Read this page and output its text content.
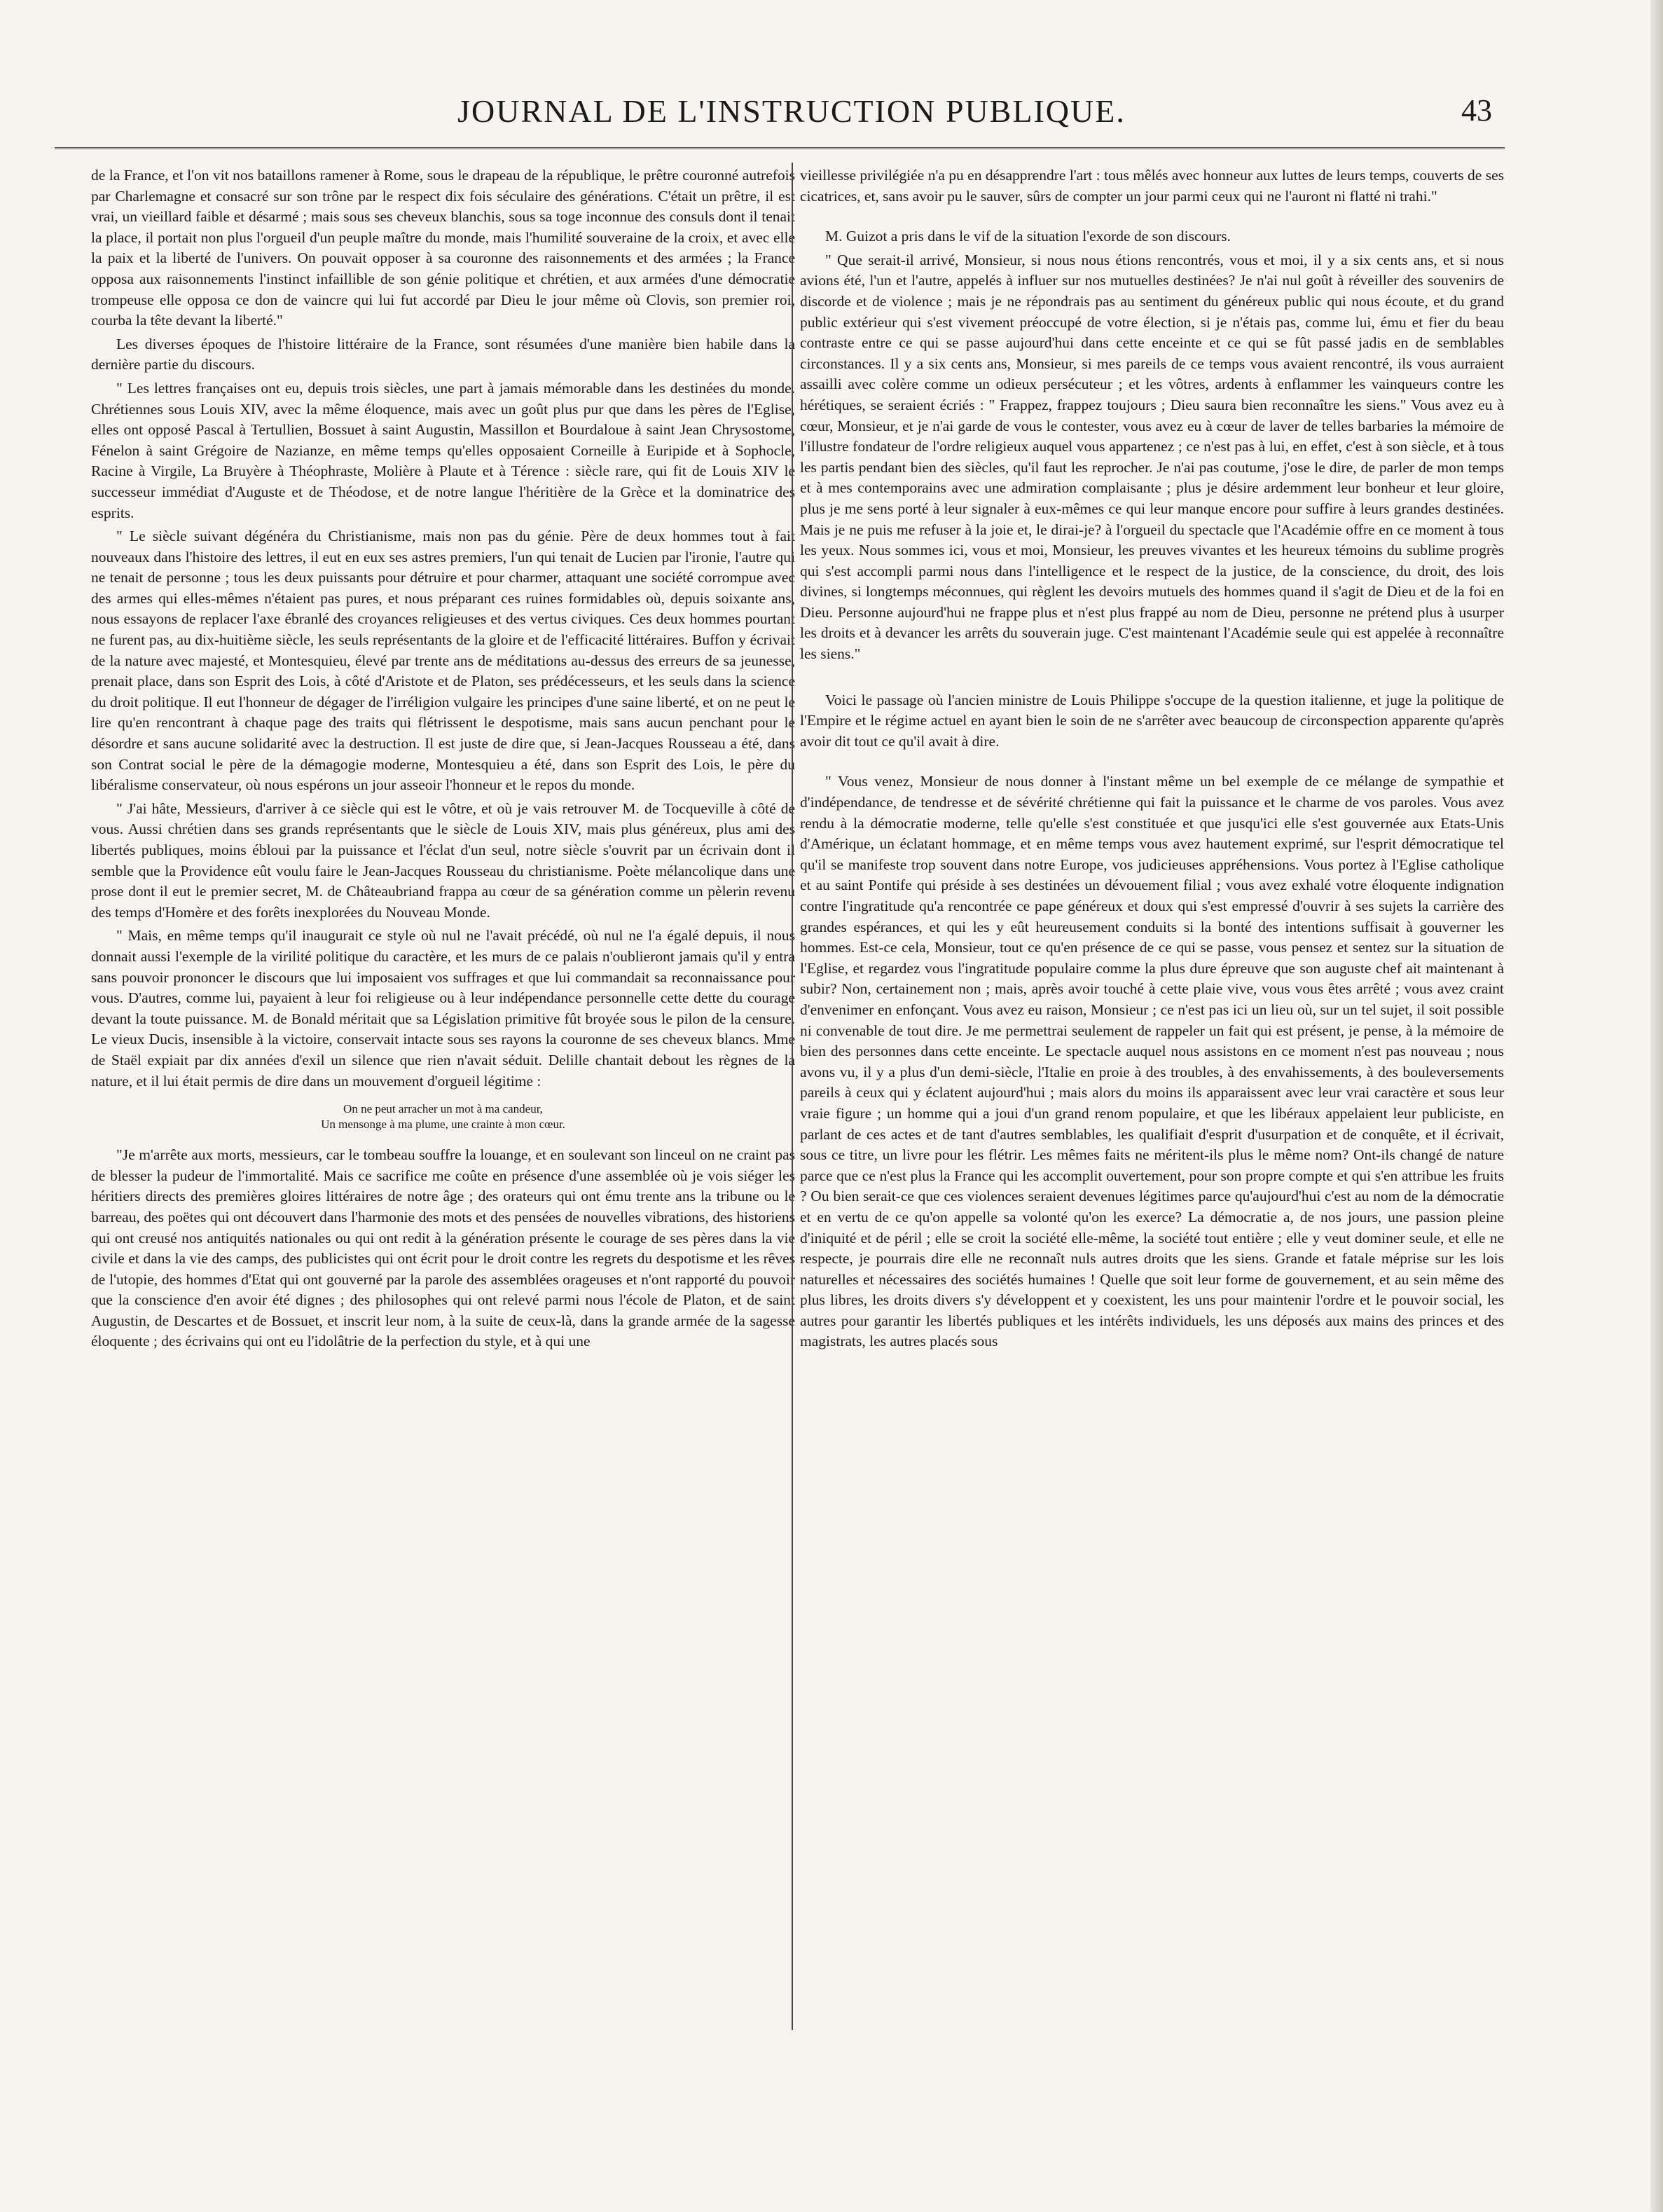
JOURNAL DE L'INSTRUCTION PUBLIQUE.	43

de la France, et l'on vit nos bataillons ramener à Rome, sous le drapeau de la république, le prêtre couronné autrefois par Charlemagne et consacré sur son trône par le respect dix fois séculaire des générations. C'était un prêtre, il est vrai, un vieillard faible et désarmé ; mais sous ses cheveux blanchis, sous sa toge inconnue des consuls dont il tenait la place, il portait non plus l'orgueil d'un peuple maître du monde, mais l'humilité souveraine de la croix, et avec elle la paix et la liberté de l'univers. On pouvait opposer à sa couronne des raisonnements et des armées ; la France opposa aux raisonnements l'instinct infaillible de son génie politique et chrétien, et aux armées d'une démocratie trompeuse elle opposa ce don de vaincre qui lui fut accordé par Dieu le jour même où Clovis, son premier roi, courba la tête devant la liberté."

Les diverses époques de l'histoire littéraire de la France, sont résumées d'une manière bien habile dans la dernière partie du discours.

" Les lettres françaises ont eu, depuis trois siècles, une part à jamais mémorable dans les destinées du monde. Chrétiennes sous Louis XIV, avec la même éloquence, mais avec un goût plus pur que dans les pères de l'Eglise, elles ont opposé Pascal à Tertullien, Bossuet à saint Augustin, Massillon et Bourdaloue à saint Jean Chrysostome, Fénelon à saint Grégoire de Nazianze, en même temps qu'elles opposaient Corneille à Euripide et à Sophocle, Racine à Virgile, La Bruyère à Théophraste, Molière à Plaute et à Térence : siècle rare, qui fit de Louis XIV le successeur immédiat d'Auguste et de Théodose, et de notre langue l'héritière de la Grèce et la dominatrice des esprits.

" Le siècle suivant dégénéra du Christianisme, mais non pas du génie. Père de deux hommes tout à fait nouveaux dans l'histoire des lettres, il eut en eux ses astres premiers, l'un qui tenait de Lucien par l'ironie, l'autre qui ne tenait de personne ; tous les deux puissants pour détruire et pour charmer, attaquant une société corrompue avec des armes qui elles-mêmes n'étaient pas pures, et nous préparant ces ruines formidables où, depuis soixante ans, nous essayons de replacer l'axe ébranlé des croyances religieuses et des vertus civiques. Ces deux hommes pourtant ne furent pas, au dix-huitième siècle, les seuls représentants de la gloire et de l'efficacité littéraires. Buffon y écrivait de la nature avec majesté, et Montesquieu, élevé par trente ans de méditations au-dessus des erreurs de sa jeunesse, prenait place, dans son Esprit des Lois, à côté d'Aristote et de Platon, ses prédécesseurs, et les seuls dans la science du droit politique. Il eut l'honneur de dégager de l'irréligion vulgaire les principes d'une saine liberté, et on ne peut le lire qu'en rencontrant à chaque page des traits qui flétrissent le despotisme, mais sans aucun penchant pour le désordre et sans aucune solidarité avec la destruction. Il est juste de dire que, si Jean-Jacques Rousseau a été, dans son Contrat social le père de la démagogie moderne, Montesquieu a été, dans son Esprit des Lois, le père du libéralisme conservateur, où nous espérons un jour asseoir l'honneur et le repos du monde.

" J'ai hâte, Messieurs, d'arriver à ce siècle qui est le vôtre, et où je vais retrouver M. de Tocqueville à côté de vous. Aussi chrétien dans ses grands représentants que le siècle de Louis XIV, mais plus généreux, plus ami des libertés publiques, moins ébloui par la puissance et l'éclat d'un seul, notre siècle s'ouvrit par un écrivain dont il semble que la Providence eût voulu faire le Jean-Jacques Rousseau du christianisme. Poète mélancolique dans une prose dont il eut le premier secret, M. de Châteaubriand frappa au cœur de sa génération comme un pèlerin revenu des temps d'Homère et des forêts inexplorées du Nouveau Monde.

" Mais, en même temps qu'il inaugurait ce style où nul ne l'avait précédé, où nul ne l'a égalé depuis, il nous donnait aussi l'exemple de la virilité politique du caractère, et les murs de ce palais n'oublieront jamais qu'il y entra sans pouvoir prononcer le discours que lui imposaient vos suffrages et que lui commandait sa reconnaissance pour vous. D'autres, comme lui, payaient à leur foi religieuse ou à leur indépendance personnelle cette dette du courage devant la toute puissance. M. de Bonald méritait que sa Législation primitive fût broyée sous le pilon de la censure. Le vieux Ducis, insensible à la victoire, conservait intacte sous ses rayons la couronne de ses cheveux blancs. Mme de Staël expiait par dix années d'exil un silence que rien n'avait séduit. Delille chantait debout les règnes de la nature, et il lui était permis de dire dans un mouvement d'orgueil légitime :

On ne peut arracher un mot à ma candeur,
Un mensonge à ma plume, une crainte à mon cœur.

"Je m'arrête aux morts, messieurs, car le tombeau souffre la louange, et en soulevant son linceul on ne craint pas de blesser la pudeur de l'immortalité. Mais ce sacrifice me coûte en présence d'une assemblée où je vois siéger les héritiers directs des premières gloires littéraires de notre âge ; des orateurs qui ont ému trente ans la tribune ou le barreau, des poëtes qui ont découvert dans l'harmonie des mots et des pensées de nouvelles vibrations, des historiens qui ont creusé nos antiquités nationales ou qui ont redit à la génération présente le courage de ses pères dans la vie civile et dans la vie des camps, des publicistes qui ont écrit pour le droit contre les regrets du despotisme et les rêves de l'utopie, des hommes d'Etat qui ont gouverné par la parole des assemblées orageuses et n'ont rapporté du pouvoir que la conscience d'en avoir été dignes ; des philosophes qui ont relevé parmi nous l'école de Platon, et de saint Augustin, de Descartes et de Bossuet, et inscrit leur nom, à la suite de ceux-là, dans la grande armée de la sagesse éloquente ; des écrivains qui ont eu l'idolâtrie de la perfection du style, et à qui une

vieillesse privilégiée n'a pu en désapprendre l'art : tous mêlés avec honneur aux luttes de leurs temps, couverts de ses cicatrices, et, sans avoir pu le sauver, sûrs de compter un jour parmi ceux qui ne l'auront ni flatté ni trahi."

M. Guizot a pris dans le vif de la situation l'exorde de son discours.

" Que serait-il arrivé, Monsieur, si nous nous étions rencontrés, vous et moi, il y a six cents ans, et si nous avions été, l'un et l'autre, appelés à influer sur nos mutuelles destinées? Je n'ai nul goût à réveiller des souvenirs de discorde et de violence ; mais je ne répondrais pas au sentiment du généreux public qui nous écoute, et du grand public extérieur qui s'est vivement préoccupé de votre élection, si je n'étais pas, comme lui, ému et fier du beau contraste entre ce qui se passe aujourd'hui dans cette enceinte et ce qui se fût passé jadis en de semblables circonstances. Il y a six cents ans, Monsieur, si mes pareils de ce temps vous avaient rencontré, ils vous aurraient assailli avec colère comme un odieux persécuteur ; et les vôtres, ardents à enflammer les vainqueurs contre les hérétiques, se seraient écriés : " Frappez, frappez toujours ; Dieu saura bien reconnaître les siens." Vous avez eu à cœur, Monsieur, et je n'ai garde de vous le contester, vous avez eu à cœur de laver de telles barbaries la mémoire de l'illustre fondateur de l'ordre religieux auquel vous appartenez ; ce n'est pas à lui, en effet, c'est à son siècle, et à tous les partis pendant bien des siècles, qu'il faut les reprocher. Je n'ai pas coutume, j'ose le dire, de parler de mon temps et à mes contemporains avec une admiration complaisante ; plus je désire ardemment leur bonheur et leur gloire, plus je me sens porté à leur signaler à eux-mêmes ce qui leur manque encore pour suffire à leurs grandes destinées. Mais je ne puis me refuser à la joie et, le dirai-je? à l'orgueil du spectacle que l'Académie offre en ce moment à tous les yeux. Nous sommes ici, vous et moi, Monsieur, les preuves vivantes et les heureux témoins du sublime progrès qui s'est accompli parmi nous dans l'intelligence et le respect de la justice, de la conscience, du droit, des lois divines, si longtemps méconnues, qui règlent les devoirs mutuels des hommes quand il s'agit de Dieu et de la foi en Dieu. Personne aujourd'hui ne frappe plus et n'est plus frappé au nom de Dieu, personne ne prétend plus à usurper les droits et à devancer les arrêts du souverain juge. C'est maintenant l'Académie seule qui est appelée à reconnaître les siens."

Voici le passage où l'ancien ministre de Louis Philippe s'occupe de la question italienne, et juge la politique de l'Empire et le régime actuel en ayant bien le soin de ne s'arrêter avec beaucoup de circonspection apparente qu'après avoir dit tout ce qu'il avait à dire.

" Vous venez, Monsieur de nous donner à l'instant même un bel exemple de ce mélange de sympathie et d'indépendance, de tendresse et de sévérité chrétienne qui fait la puissance et le charme de vos paroles. Vous avez rendu à la démocratie moderne, telle qu'elle s'est constituée et que jusqu'ici elle s'est gouvernée aux Etats-Unis d'Amérique, un éclatant hommage, et en même temps vous avez hautement exprimé, sur l'esprit démocratique tel qu'il se manifeste trop souvent dans notre Europe, vos judicieuses appréhensions. Vous portez à l'Eglise catholique et au saint Pontife qui préside à ses destinées un dévouement filial ; vous avez exhalé votre éloquente indignation contre l'ingratitude qu'a rencontrée ce pape généreux et doux qui s'est empressé d'ouvrir à ses sujets la carrière des grandes espérances, et qui les y eût heureusement conduits si la bonté des intentions suffisait à gouverner les hommes. Est-ce cela, Monsieur, tout ce qu'en présence de ce qui se passe, vous pensez et sentez sur la situation de l'Eglise, et regardez vous l'ingratitude populaire comme la plus dure épreuve que son auguste chef ait maintenant à subir? Non, certainement non ; mais, après avoir touché à cette plaie vive, vous vous êtes arrêté ; vous avez craint d'envenimer en enfonçant. Vous avez eu raison, Monsieur ; ce n'est pas ici un lieu où, sur un tel sujet, il soit possible ni convenable de tout dire. Je me permettrai seulement de rappeler un fait qui est présent, je pense, à la mémoire de bien des personnes dans cette enceinte. Le spectacle auquel nous assistons en ce moment n'est pas nouveau ; nous avons vu, il y a plus d'un demi-siècle, l'Italie en proie à des troubles, à des envahissements, à des bouleversements pareils à ceux qui y éclatent aujourd'hui ; mais alors du moins ils apparaissent avec leur vrai caractère et sous leur vraie figure ; un homme qui a joui d'un grand renom populaire, et que les libéraux appelaient leur publiciste, en parlant de ces actes et de tant d'autres semblables, les qualifiait d'esprit d'usurpation et de conquête, et il écrivait, sous ce titre, un livre pour les flétrir. Les mêmes faits ne méritent-ils plus le même nom? Ont-ils changé de nature parce que ce n'est plus la France qui les accomplit ouvertement, pour son propre compte et qui s'en attribue les fruits ? Ou bien serait-ce que ces violences seraient devenues légitimes parce qu'aujourd'hui c'est au nom de la démocratie et en vertu de ce qu'on appelle sa volonté qu'on les exerce? La démocratie a, de nos jours, une passion pleine d'iniquité et de péril ; elle se croit la société elle-même, la société tout entière ; elle y veut dominer seule, et elle ne respecte, je pourrais dire elle ne reconnaît nuls autres droits que les siens. Grande et fatale méprise sur les lois naturelles et nécessaires des sociétés humaines ! Quelle que soit leur forme de gouvernement, et au sein même des plus libres, les droits divers s'y développent et y coexistent, les uns pour maintenir l'ordre et le pouvoir social, les autres pour garantir les libertés publiques et les intérêts individuels, les uns déposés aux mains des princes et des magistrats, les autres placés sous
